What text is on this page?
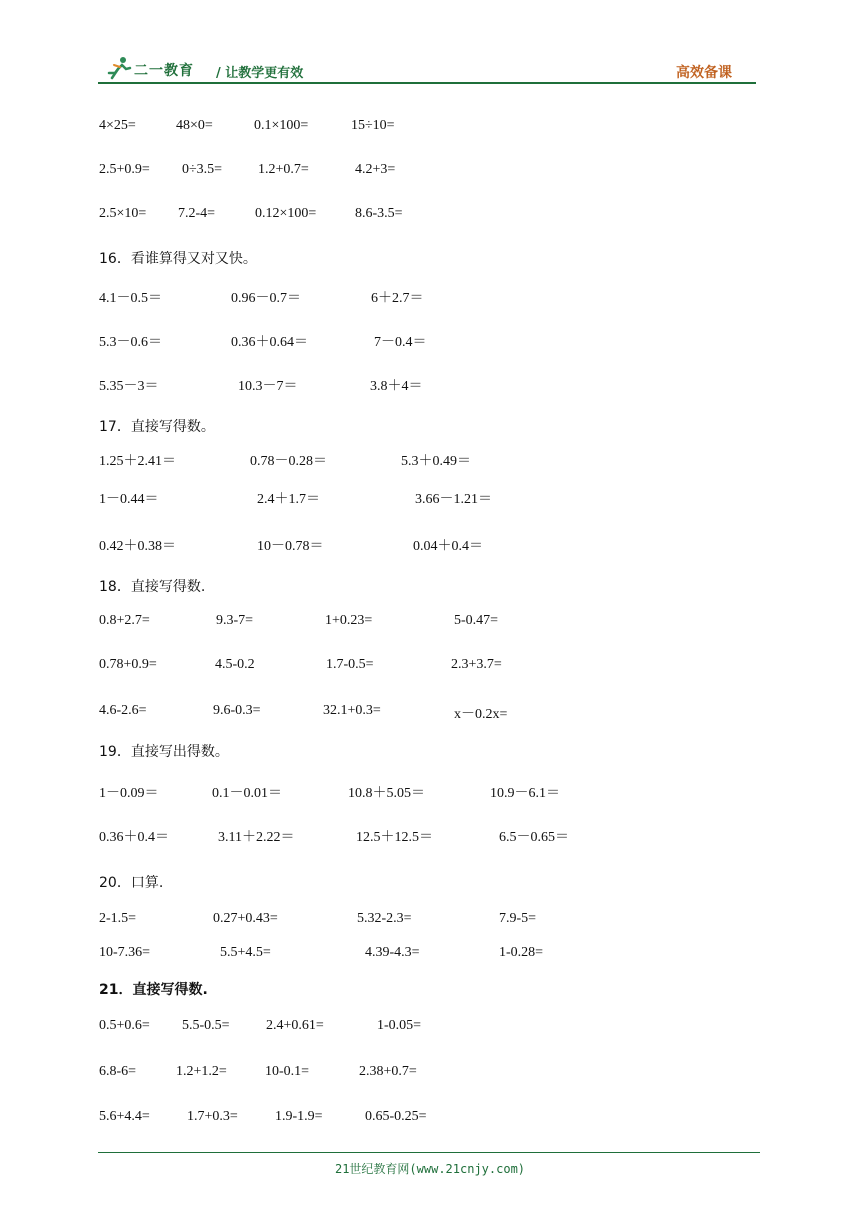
二一教育 / 让教学更有效	高效备课
4×25=	48×0=	0.1×100=	15÷10=
2.5+0.9= 0÷3.5=	1.2+0.7=	4.2+3=
2.5×10= 7.2-4=	0.12×100=	8.6-3.5=
16．看谁算得又对又快。
4.1－0.5＝	0.96－0.7＝	6＋2.7＝
5.3－0.6＝	0.36＋0.64＝	7－0.4＝
5.35－3＝	10.3－7＝	3.8＋4＝
17．直接写得数。
1.25＋2.41＝	0.78－0.28＝	5.3＋0.49＝
1－0.44＝	2.4＋1.7＝	3.66－1.21＝
0.42＋0.38＝	10－0.78＝	0.04＋0.4＝
18．直接写得数.
0.8+2.7=	9.3-7=	1+0.23=	5-0.47=
0.78+0.9=	4.5-0.2	1.7-0.5=	2.3+3.7=
4.6-2.6=	9.6-0.3=	32.1+0.3=	x－0.2x=
19．直接写出得数。
1－0.09＝	0.1－0.01＝	10.8＋5.05＝	10.9－6.1＝
0.36＋0.4＝	3.11＋2.22＝	12.5＋12.5＝	6.5－0.65＝
20．口算.
2-1.5=	0.27+0.43=	5.32-2.3=	7.9-5=
10-7.36=	5.5+4.5=	4.39-4.3=	1-0.28=
21．直接写得数.
0.5+0.6= 5.5-0.5=	2.4+0.61=	1-0.05=
6.8-6=	1.2+1.2=	10-0.1=	2.38+0.7=
5.6+4.4=	1.7+0.3=	1.9-1.9=	0.65-0.25=
21世纪教育网(www.21cnjy.com)
